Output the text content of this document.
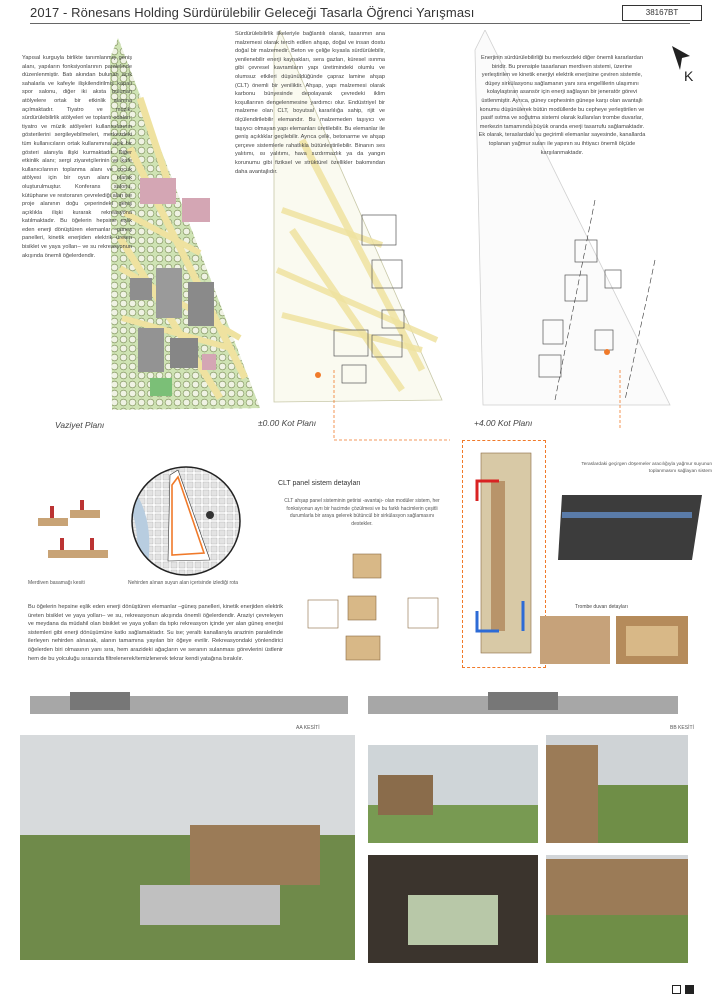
2017 - Rönesans Holding Sürdürülebilir Geleceği Tasarla Öğrenci Yarışması	38167BT
K
Yapısal kurguyla birlikte tanımlanmış geniş alanı, yapıların fonksiyonlarının paralelinde düzenlenmiştir. Batı akından bulunan açık sahalarla ve kafeyle ilişkilendirilmiş kapalı spor salonu, diğer iki aksta bulunan atölyelere ortak bir etkinlik alanına açılmaktadır. Tiyatro ve müzik, sürdürülebilirlik atölyeleri ve toplantı odaları; tiyatro ve müzik atölyeleri kullanıcılarının gösterilerini sergileyebilmeleri, merkezdeki tüm kullanıcıların ortak kullanımına açık bir gösteri alanıyla ilişki kurmaktadır. Diğer etkinlik alanı; sergi ziyaretçilerinin ve kafe kullanıcılarının toplanma alanı ve çocuk atölyesi için bir oyun alanı olarak oluşturulmuştur. Konferans salonu, kütüphane ve restoranın çevrelediği alan ise proje alanının doğu çeperindeki geniş açıklıkla ilişki kurarak rekreasyona katılmaktadır. Bu öğelerin hepsine eşlik eden enerji dönüştüren elemanlar –güneş panelleri, kinetik enerjiden elektrik üreten bisiklet ve yaya yolları– ve su rekreasyonun akışında önemli öğelerdendir.
Sürdürülebilirlik ilkeleriyle bağlantılı olarak, tasarımın ana malzemesi olarak tercih edilen ahşap, doğal ve insan dostu doğal bir malzemedir. Beton ve çeliğe kıyasla sürdürülebilir, yenilenebilir enerji kaynakları, sera gazları, küresel ısınma gibi çevresel kavramların yapı üretimindeki olumlu ve olumsuz etkileri düşünüldüğünde çapraz lamine ahşap (CLT) önemli bir yeniliktir. Ahşap, yapı malzemesi olarak karbonu bünyesinde depolayarak çevredeki iklim koşullarının dengelenmesine yardımcı olur. Endüstriyel bir malzeme olan CLT, boyutsal kararlılığa sahip, rijit ve ölçülendirilebilir elemandır. Bu malzemeden taşıyıcı ve taşıyıcı olmayan yapı elemanları üretilebilir. Bu elemanlar ile geniş açıklıklar geçilebilir. Ayrıca çelik, betonarme ve ahşap çerçeve sistemlerle rahatlıkla bütünleştirilebilir. Binanın ses yalıtımı, ısı yalıtımı, hava sızdırmazlık ya da yangın korunumu gibi fiziksel ve strüktürel özellikler bakımından daha avantajlıdır.
Enerjinin sürdürülebilirliği bu merkezdeki diğer önemli kararlardan biridir. Bu prensiple tasarlanan merdiven sistemi, üzerine yerleştirilen ve kinetik enerjiyi elektrik enerjisine çeviren sistemle, düşey sirkülasyonu sağlamanın yanı sıra engellilerin ulaşımını kolaylaştıran asansör için enerji sağlayan bir jeneratör görevi üstlenmiştir. Ayrıca, güney cephesinin güneşe karşı olan avantajlı konumu düşünülerek bütün modüllerde bu cepheye yerleştirilen ve pasif ısıtma ve soğutma sistemi olarak kullanılan trombe duvarlar, merkezin tamamında büyük oranda enerji tasarrufu sağlamaktadır. Ek olarak, teraslardaki su geçirimli elemanlar sayesinde, kanallarda toplanan yağmur suları ile yapının su ihtiyacı önemli ölçüde karşılanmaktadır.
Vaziyet Planı	±0.00 Kot Planı	+4.00 Kot Planı
Merdiven basamağı kesiti	Nehirden alınan suyun alan içerisinde izlediği rota
CLT panel sistem detayları
CLT ahşap panel sisteminin getirisi -avantajı- olan modüler sistem, her fonksiyonun ayrı bir hacimde çözülmesi ve bu farklı hacimlerin çeşitli durumlarla bir araya gelerek bütüncül bir sirkülasyon sağlamasını destekler.
Teraslardaki geçirgen döşemeler aracılığıyla yağmur suyunun toplanmasını sağlayan sistem
Trombe duvarı detayları
Bu öğelerin hepsine eşlik eden enerji dönüştüren elemanlar –güneş panelleri, kinetik enerjiden elektrik üreten bisiklet ve yaya yolları– ve su, rekreasyonun akışında önemli öğelerdendir. Araziyi çevreleyen ve meydana da müdahil olan bisiklet ve yaya yolları da tıpkı rekreasyon içinde yer alan güneş enerjisi sistemleri gibi enerji dönüşümüne katkı sağlamaktadır. Su ise; yeraltı kanallarıyla arazinin paralelinde ilerleyen nehirden alınarak, alanın tamamına yayılan bir öğeye evrilir. Rekreasyondaki yönlendirici öğelerden biri olmasının yanı sıra, hem arazideki ağaçların ve seranın sulanması görevlerini üstlenir hem de bu yolculuğu sırasında filtrelenerek/temizlenerek tekrar kendi yatağına bırakılır.
AA KESİTİ	BB KESİTİ
